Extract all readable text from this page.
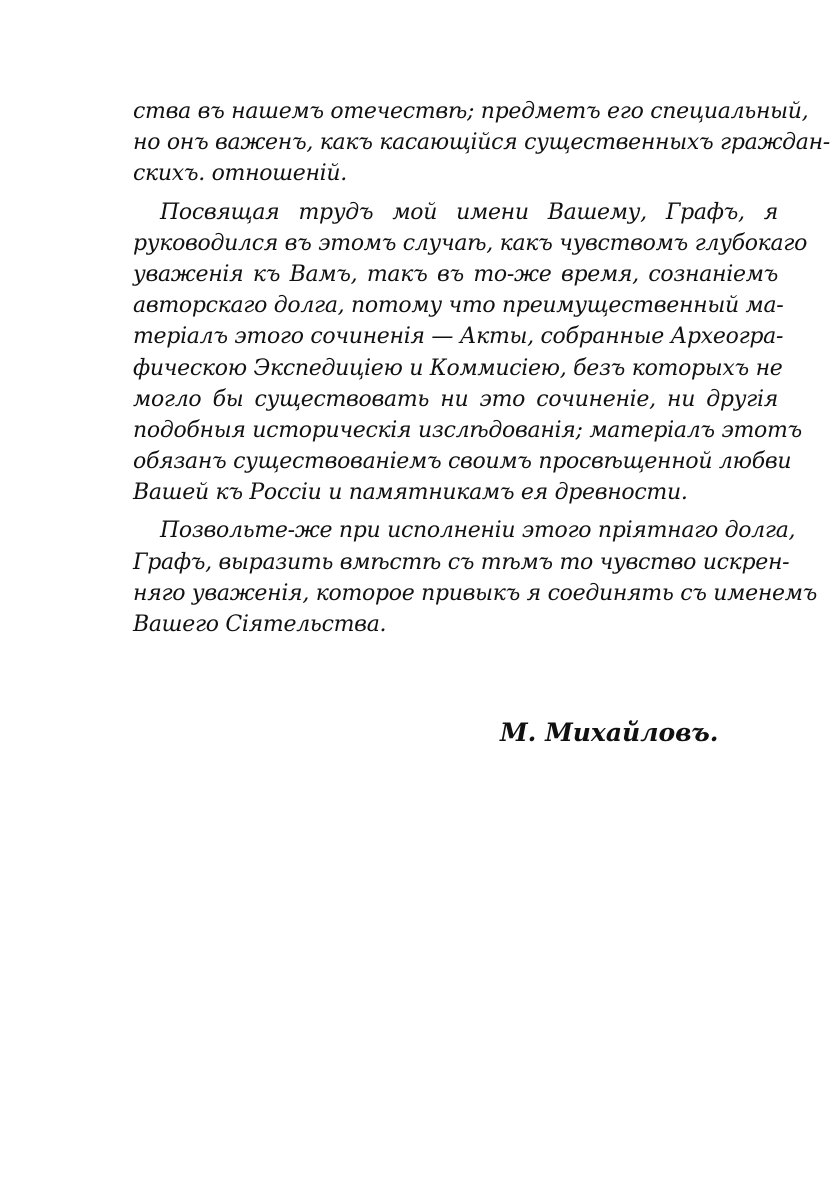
ства въ нашемъ отечествѣ; предметъ его специальный,
но онъ важенъ, какъ касающійся существенныхъ граждан-
скихъ. отношеній.
Посвящая трудъ мой имени Вашему, Графъ, я
руководился въ этомъ случаѣ, какъ чувствомъ глубокаго
уваженія къ Вамъ, такъ въ то-же время, сознаніемъ
авторскаго долга, потому что преимущественный ма-
теріалъ этого сочиненія — Акты, собранные Археогра-
фическою Экспедиціею и Коммисіею, безъ которыхъ не
могло бы существовать ни это сочиненіе, ни другія
подобныя историческія изслѣдованія; матеріалъ этотъ
обязанъ существованіемъ своимъ просвѣщенной любви
Вашей къ Россіи и памятникамъ ея древности.
Позвольте-же при исполненіи этого пріятнаго долга,
Графъ, выразить вмѣстѣ съ тѣмъ то чувство искрен-
няго уваженія, которое привыкъ я соединять съ именемъ
Вашего Сіятельства.
М. Михайловъ.
